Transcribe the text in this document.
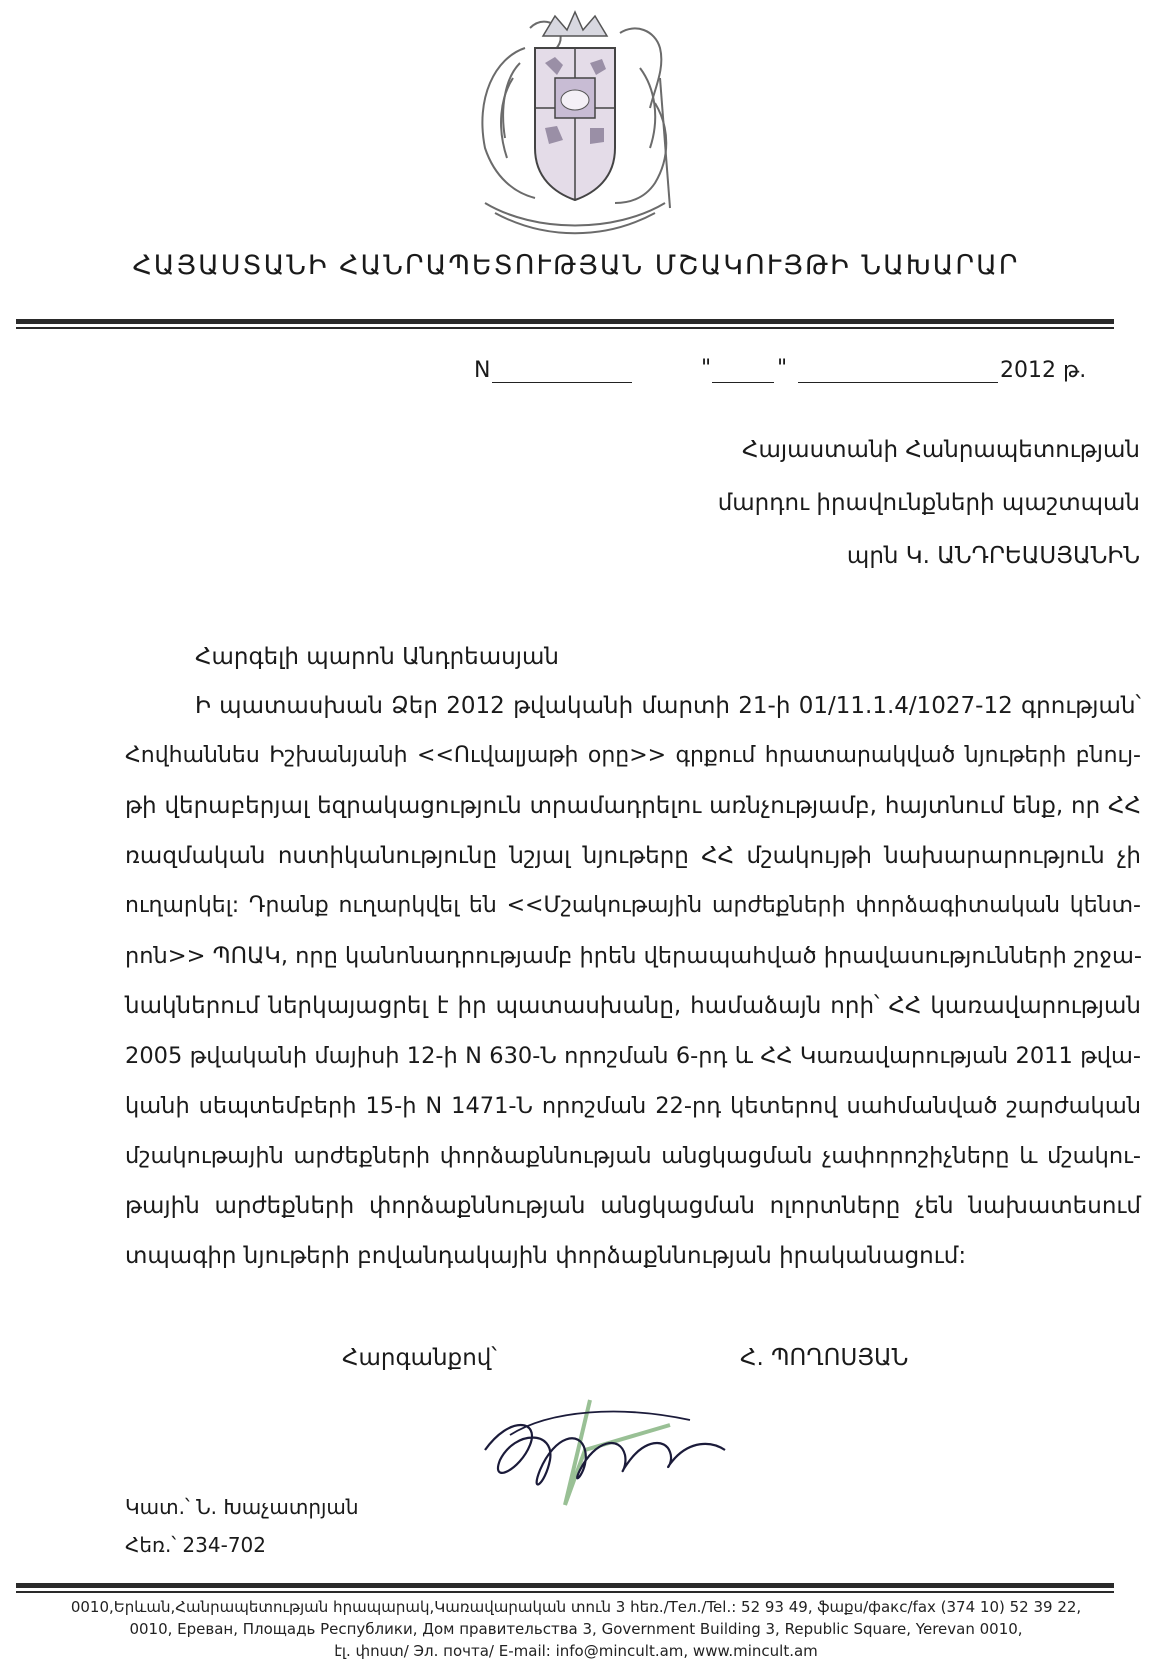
ՀԱՅԱՍՏԱՆԻ ՀԱՆՐԱՊԵՏՈՒԹՅԱՆ ՄՇԱԿՈՒՅԹԻ ՆԱԽԱՐԱՐ
N	"	"	2012 թ.
Հայաստանի Հանրապետության
մարդու իրավունքների պաշտպան
պրն Կ. ԱՆԴՐԵԱՍՅԱՆԻՆ
Հարգելի պարոն Անդրեասյան
Ի պատասխան Ձեր 2012 թվականի մարտի 21-ի 01/11.1.4/1027-12 գրության՝
Հովհաննես Իշխանյանի <<Ուվալյաթի օրը>> գրքում հրատարակված նյութերի բնույ-
թի վերաբերյալ եզրակացություն տրամադրելու առնչությամբ, հայտնում ենք, որ ՀՀ
ռազմական ոստիկանությունը նշյալ նյութերը ՀՀ մշակույթի նախարարություն չի
ուղարկել: Դրանք ուղարկվել են <<Մշակութային արժեքների փորձագիտական կենտ-
րոն>> ՊՈԱԿ, որը կանոնադրությամբ իրեն վերապահված իրավասությունների շրջա-
նակներում ներկայացրել է իր պատասխանը, համաձայն որի՝ ՀՀ կառավարության
2005 թվականի մայիսի 12-ի N 630-Ն որոշման 6-րդ և ՀՀ Կառավարության 2011 թվա-
կանի սեպտեմբերի 15-ի N 1471-Ն որոշման 22-րդ կետերով սահմանված շարժական
մշակութային արժեքների փորձաքննության անցկացման չափորոշիչները և մշակու-
թային արժեքների փորձաքննության անցկացման ոլորտները չեն նախատեսում
տպագիր նյութերի բովանդակային փորձաքննության իրականացում:
Հարգանքով՝	Հ. ՊՈՂՈՍՅԱՆ
Կատ.՝ Ն. Խաչատրյան
Հեռ.՝ 234-702
0010,Երևան,Հանրապետության հրապարակ,Կառավարական տուն 3 հեռ./Тел./Tel.: 52 93 49, ֆաքս/факс/fax (374 10) 52 39 22,
0010, Ереван, Площадь Республики, Дом правительства 3, Government Building 3, Republic Square, Yerevan 0010,
էլ. փոստ/ Эл. почта/ E-mail: info@mincult.am, www.mincult.am
